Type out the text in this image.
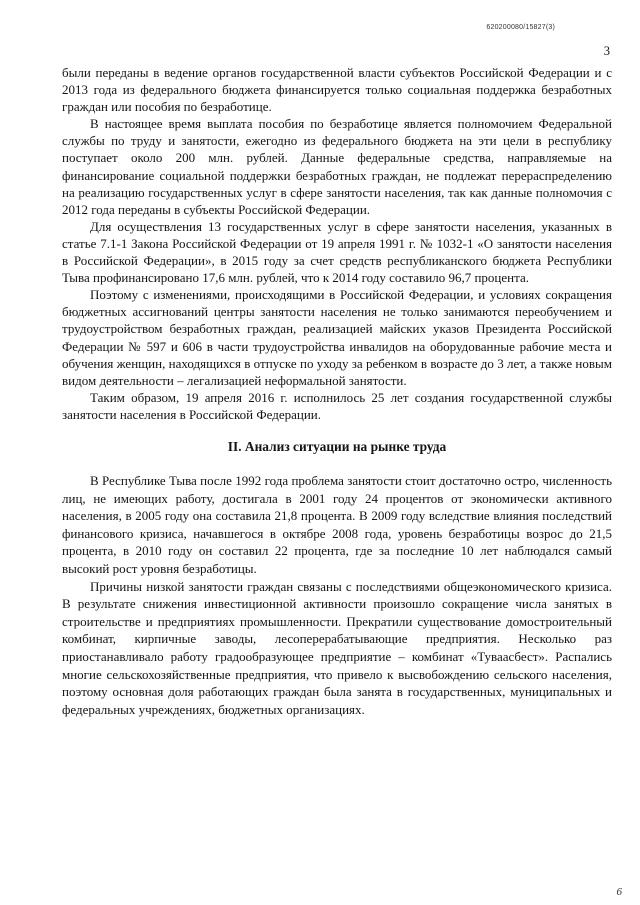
620200080/15827(3)
3

были переданы в ведение органов государственной власти субъектов Российской Федерации и с 2013 года из федерального бюджета финансируется только социальная поддержка безработных граждан или пособия по безработице.

В настоящее время выплата пособия по безработице является полномочием Федеральной службы по труду и занятости, ежегодно из федерального бюджета на эти цели в республику поступает около 200 млн. рублей. Данные федеральные средства, направляемые на финансирование социальной поддержки безработных граждан, не подлежат перераспределению на реализацию государственных услуг в сфере занятости населения, так как данные полномочия с 2012 года переданы в субъекты Российской Федерации.

Для осуществления 13 государственных услуг в сфере занятости населения, указанных в статье 7.1-1 Закона Российской Федерации от 19 апреля 1991 г. № 1032-1 «О занятости населения в Российской Федерации», в 2015 году за счет средств республиканского бюджета Республики Тыва профинансировано 17,6 млн. рублей, что к 2014 году составило 96,7 процента.

Поэтому с изменениями, происходящими в Российской Федерации, и условиях сокращения бюджетных ассигнований центры занятости населения не только занимаются переобучением и трудоустройством безработных граждан, реализацией майских указов Президента Российской Федерации № 597 и 606 в части трудоустройства инвалидов на оборудованные рабочие места и обучения женщин, находящихся в отпуске по уходу за ребенком в возрасте до 3 лет, а также новым видом деятельности – легализацией неформальной занятости.

Таким образом, 19 апреля 2016 г. исполнилось 25 лет создания государственной службы занятости населения в Российской Федерации.

II. Анализ ситуации на рынке труда

В Республике Тыва после 1992 года проблема занятости стоит достаточно остро, численность лиц, не имеющих работу, достигала в 2001 году 24 процентов от экономически активного населения, в 2005 году она составила 21,8 процента. В 2009 году вследствие влияния последствий финансового кризиса, начавшегося в октябре 2008 года, уровень безработицы возрос до 21,5 процента, в 2010 году он составил 22 процента, где за последние 10 лет наблюдался самый высокий рост уровня безработицы.

Причины низкой занятости граждан связаны с последствиями общеэкономического кризиса. В результате снижения инвестиционной активности произошло сокращение числа занятых в строительстве и предприятиях промышленности. Прекратили существование домостроительный комбинат, кирпичные заводы, лесоперерабатывающие предприятия. Несколько раз приостанавливало работу градообразующее предприятие – комбинат «Туваасбест». Распались многие сельскохозяйственные предприятия, что привело к высвобождению сельского населения, поэтому основная доля работающих граждан была занята в государственных, муниципальных и федеральных учреждениях, бюджетных организациях.

6
